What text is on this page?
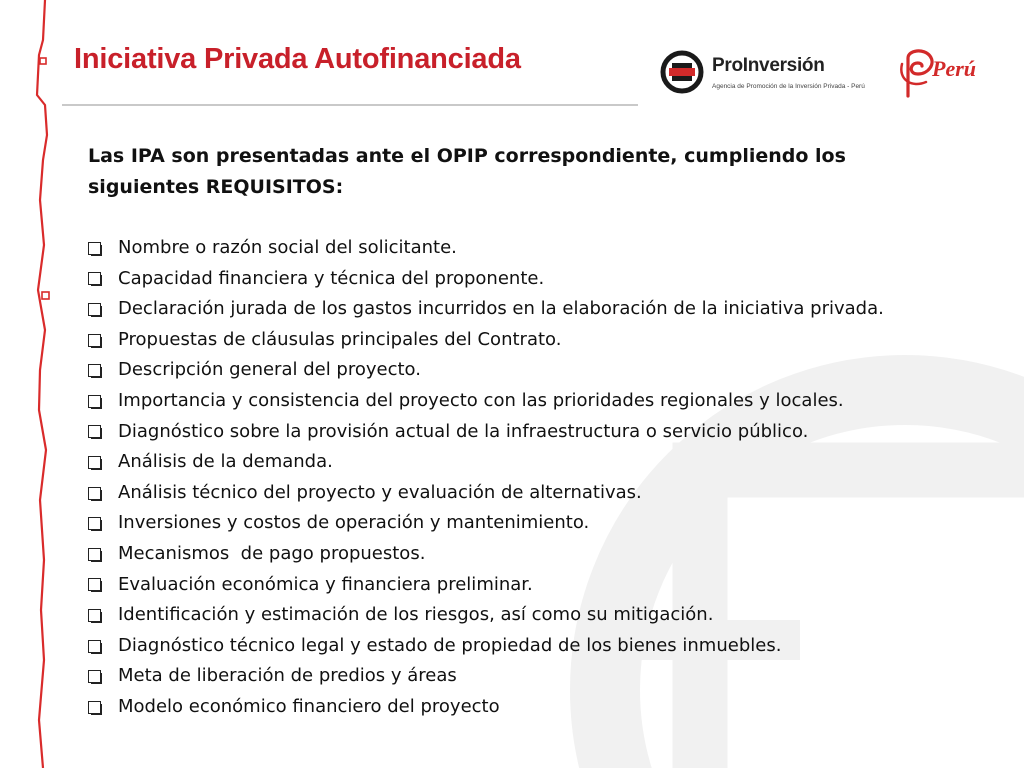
Iniciativa Privada Autofinanciada	ProInversión
Agencia de Promoción de la Inversión Privada - Perú
Perú
Las IPA son presentadas ante el OPIP correspondiente, cumpliendo los siguientes REQUISITOS:
Nombre o razón social del solicitante.
Capacidad financiera y técnica del proponente.
Declaración jurada de los gastos incurridos en la elaboración de la iniciativa privada.
Propuestas de cláusulas principales del Contrato.
Descripción general del proyecto.
Importancia y consistencia del proyecto con las prioridades regionales y locales.
Diagnóstico sobre la provisión actual de la infraestructura o servicio público.
Análisis de la demanda.
Análisis técnico del proyecto y evaluación de alternativas.
Inversiones y costos de operación y mantenimiento.
Mecanismos  de pago propuestos.
Evaluación económica y financiera preliminar.
Identificación y estimación de los riesgos, así como su mitigación.
Diagnóstico técnico legal y estado de propiedad de los bienes inmuebles.
Meta de liberación de predios y áreas
Modelo económico financiero del proyecto
